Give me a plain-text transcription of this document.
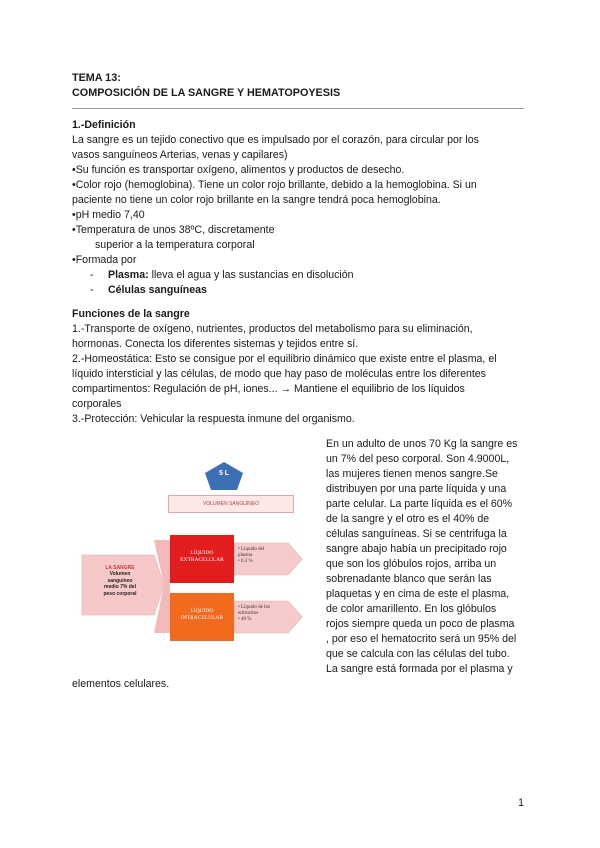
TEMA 13:
COMPOSICIÓN DE LA SANGRE Y HEMATOPOYESIS
1.-Definición
La sangre es un tejido conectivo que es impulsado por el corazón, para circular por los
vasos sanguíneos Arterias, venas y capilares)
•Su función es transportar oxígeno, alimentos y productos de desecho.
•Color rojo (hemoglobina). Tiene un color rojo brillante, debido a la hemoglobina. Si un
paciente no tiene un color rojo brillante en la sangre tendrá poca hemoglobina.
•pH medio 7,40
•Temperatura de unos 38ºC, discretamente
superior a la temperatura corporal
•Formada por
- Plasma: lleva el agua y las sustancias en disolución
- Células sanguíneas
Funciones de la sangre
1.-Transporte de oxígeno, nutrientes, productos del metabolismo para su eliminación,
hormonas. Conecta los diferentes sistemas y tejidos entre sí.
2.-Homeostática: Esto se consigue por el equilibrio dinámico que existe entre el plasma, el
líquido intersticial y las células, de modo que hay paso de moléculas entre los diferentes
compartimentos: Regulación de pH, iones... → Mantiene el equilibrio de los líquidos
corporales
3.-Protección: Vehicular la respuesta inmune del organismo.
En un adulto de unos 70 Kg la sangre es
un 7% del peso corporal. Son 4.9000L,
las mujeres tienen menos sangre.Se
distribuyen por una parte líquida y una
parte celular. La parte líquida es el 60%
de la sangre y el otro es el 40% de
células sanguíneas. Si se centrifuga la
sangre abajo había un precipitado rojo
que son los glóbulos rojos, arriba un
sobrenadante blanco que serán las
plaquetas y en cima de este el plasma,
de color amarillento. En los glóbulos
rojos siempre queda un poco de plasma
, por eso el hematocrito será un 95% del
que se calcula con las células del tubo.
La sangre está formada por el plasma y
elementos celulares.
5 L
VOLUMEN SANGUÍNEO
LA SANGRE
Volumen
sanguíneo
medio 7% del
peso corporal
LÍQUIDO
EXTRACELULAR
LÍQUIDO
INTRACELULAR
• Líquido del
plasma
• 6.3 %
• Líquido de los
eritrocitos
• 40 %
1
